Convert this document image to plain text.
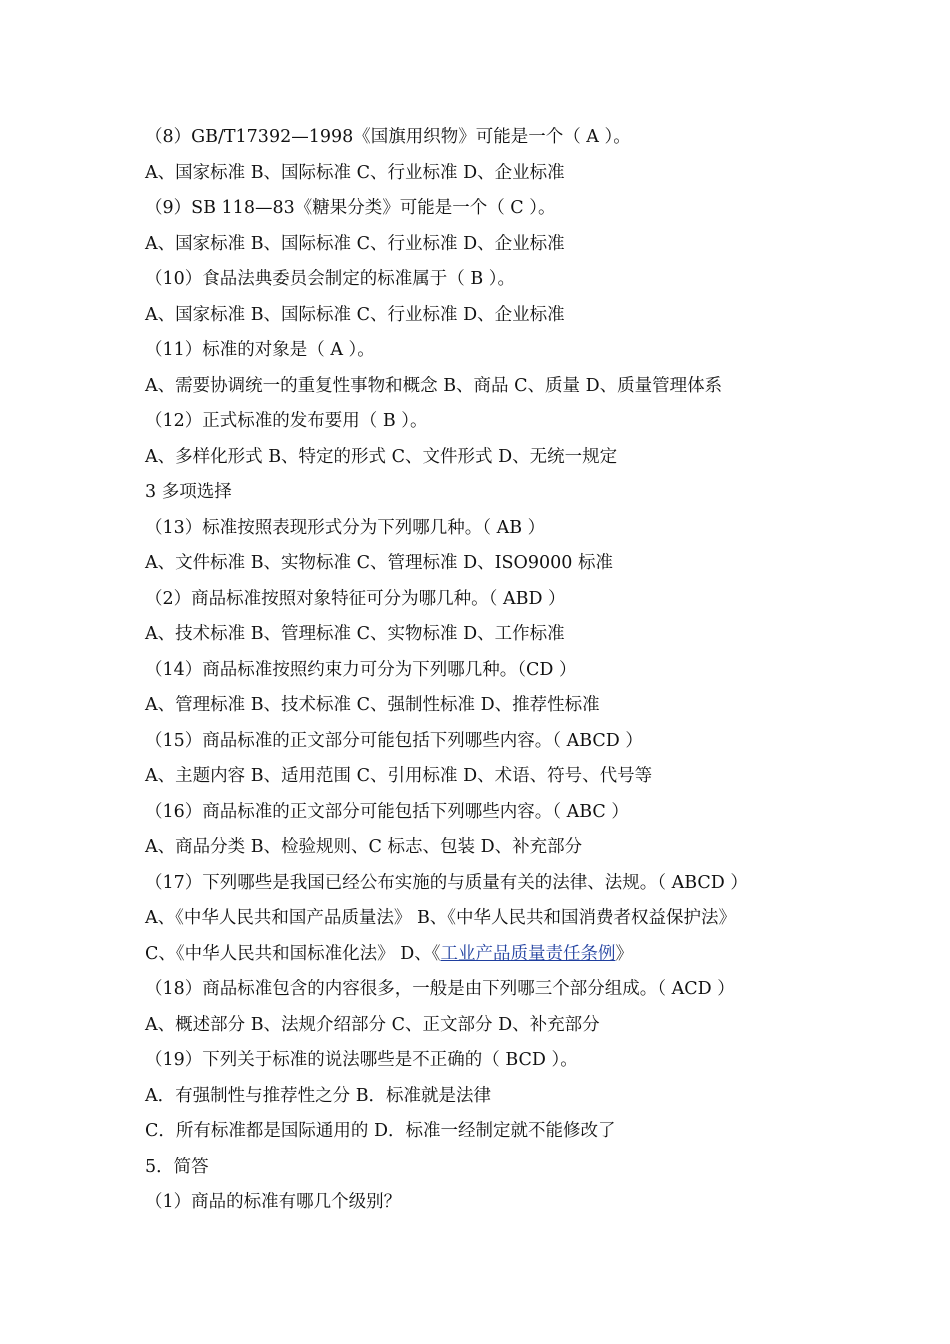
（8）GB/T17392—1998《国旗用织物》可能是一个（ A ）。
A、国家标准 B、国际标准 C、行业标准 D、企业标准
（9）SB 118—83《糖果分类》可能是一个（ C ）。
A、国家标准 B、国际标准 C、行业标准 D、企业标准
（10）食品法典委员会制定的标准属于（ B ）。
A、国家标准 B、国际标准 C、行业标准 D、企业标准
（11）标准的对象是（ A ）。
A、需要协调统一的重复性事物和概念 B、商品 C、质量 D、质量管理体系
（12）正式标准的发布要用（ B ）。
A、多样化形式 B、特定的形式 C、文件形式 D、无统一规定
3 多项选择
（13）标准按照表现形式分为下列哪几种。（ AB ）
A、文件标准 B、实物标准 C、管理标准 D、ISO9000 标准
（2）商品标准按照对象特征可分为哪几种。（ ABD ）
A、技术标准 B、管理标准 C、实物标准 D、工作标准
（14）商品标准按照约束力可分为下列哪几种。（CD ）
A、管理标准 B、技术标准 C、强制性标准 D、推荐性标准
（15）商品标准的正文部分可能包括下列哪些内容。（ ABCD ）
A、主题内容 B、适用范围 C、引用标准 D、术语、符号、代号等
（16）商品标准的正文部分可能包括下列哪些内容。（ ABC ）
A、商品分类 B、检验规则、C 标志、包装 D、补充部分
（17）下列哪些是我国已经公布实施的与质量有关的法律、法规。（ ABCD ）
A、《中华人民共和国产品质量法》 B、《中华人民共和国消费者权益保护法》
C、《中华人民共和国标准化法》 D、《工业产品质量责任条例》
（18）商品标准包含的内容很多，一般是由下列哪三个部分组成。（ ACD ）
A、概述部分 B、法规介绍部分 C、正文部分 D、补充部分
（19）下列关于标准的说法哪些是不正确的（ BCD ）。
A．有强制性与推荐性之分 B．标准就是法律
C．所有标准都是国际通用的 D．标准一经制定就不能修改了
5．简答
（1）商品的标准有哪几个级别？
